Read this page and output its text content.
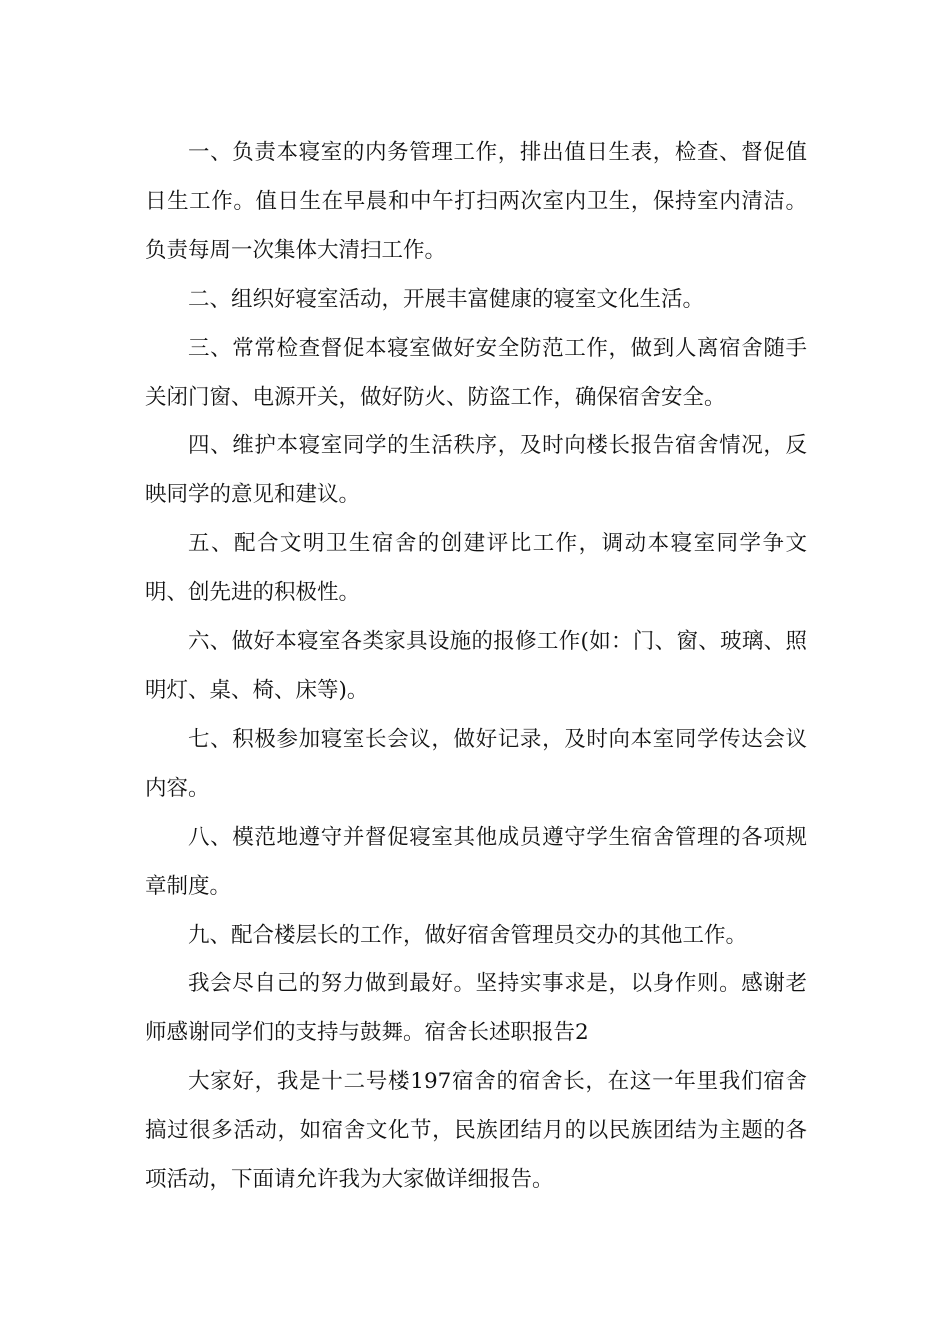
一、负责本寝室的内务管理工作，排出值日生表，检查、督促值日生工作。值日生在早晨和中午打扫两次室内卫生，保持室内清洁。负责每周一次集体大清扫工作。

二、组织好寝室活动，开展丰富健康的寝室文化生活。

三、常常检查督促本寝室做好安全防范工作，做到人离宿舍随手关闭门窗、电源开关，做好防火、防盗工作，确保宿舍安全。

四、维护本寝室同学的生活秩序，及时向楼长报告宿舍情况，反映同学的意见和建议。

五、配合文明卫生宿舍的创建评比工作，调动本寝室同学争文明、创先进的积极性。

六、做好本寝室各类家具设施的报修工作(如：门、窗、玻璃、照明灯、桌、椅、床等)。

七、积极参加寝室长会议，做好记录，及时向本室同学传达会议内容。

八、模范地遵守并督促寝室其他成员遵守学生宿舍管理的各项规章制度。

九、配合楼层长的工作，做好宿舍管理员交办的其他工作。

我会尽自己的努力做到最好。坚持实事求是，以身作则。感谢老师感谢同学们的支持与鼓舞。宿舍长述职报告2

大家好，我是十二号楼197宿舍的宿舍长，在这一年里我们宿舍搞过很多活动，如宿舍文化节，民族团结月的以民族团结为主题的各项活动，下面请允许我为大家做详细报告。
